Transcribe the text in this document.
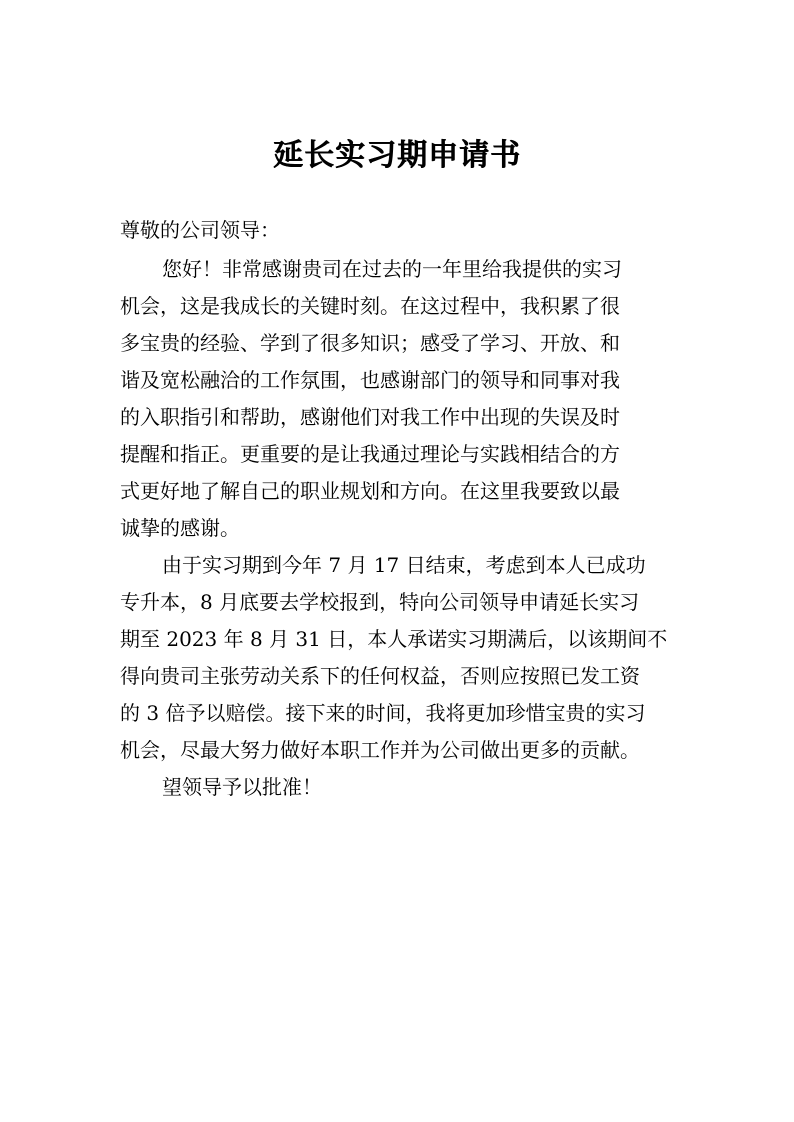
延长实习期申请书
尊敬的公司领导：
您好！非常感谢贵司在过去的一年里给我提供的实习
机会，这是我成长的关键时刻。在这过程中，我积累了很
多宝贵的经验、学到了很多知识；感受了学习、开放、和
谐及宽松融洽的工作氛围，也感谢部门的领导和同事对我
的入职指引和帮助，感谢他们对我工作中出现的失误及时
提醒和指正。更重要的是让我通过理论与实践相结合的方
式更好地了解自己的职业规划和方向。在这里我要致以最
诚挚的感谢。
由于实习期到今年 7 月 17 日结束，考虑到本人已成功
专升本，8 月底要去学校报到，特向公司领导申请延长实习
期至 2023 年 8 月 31 日，本人承诺实习期满后，以该期间不
得向贵司主张劳动关系下的任何权益，否则应按照已发工资
的 3 倍予以赔偿。接下来的时间，我将更加珍惜宝贵的实习
机会，尽最大努力做好本职工作并为公司做出更多的贡献。
望领导予以批准！
